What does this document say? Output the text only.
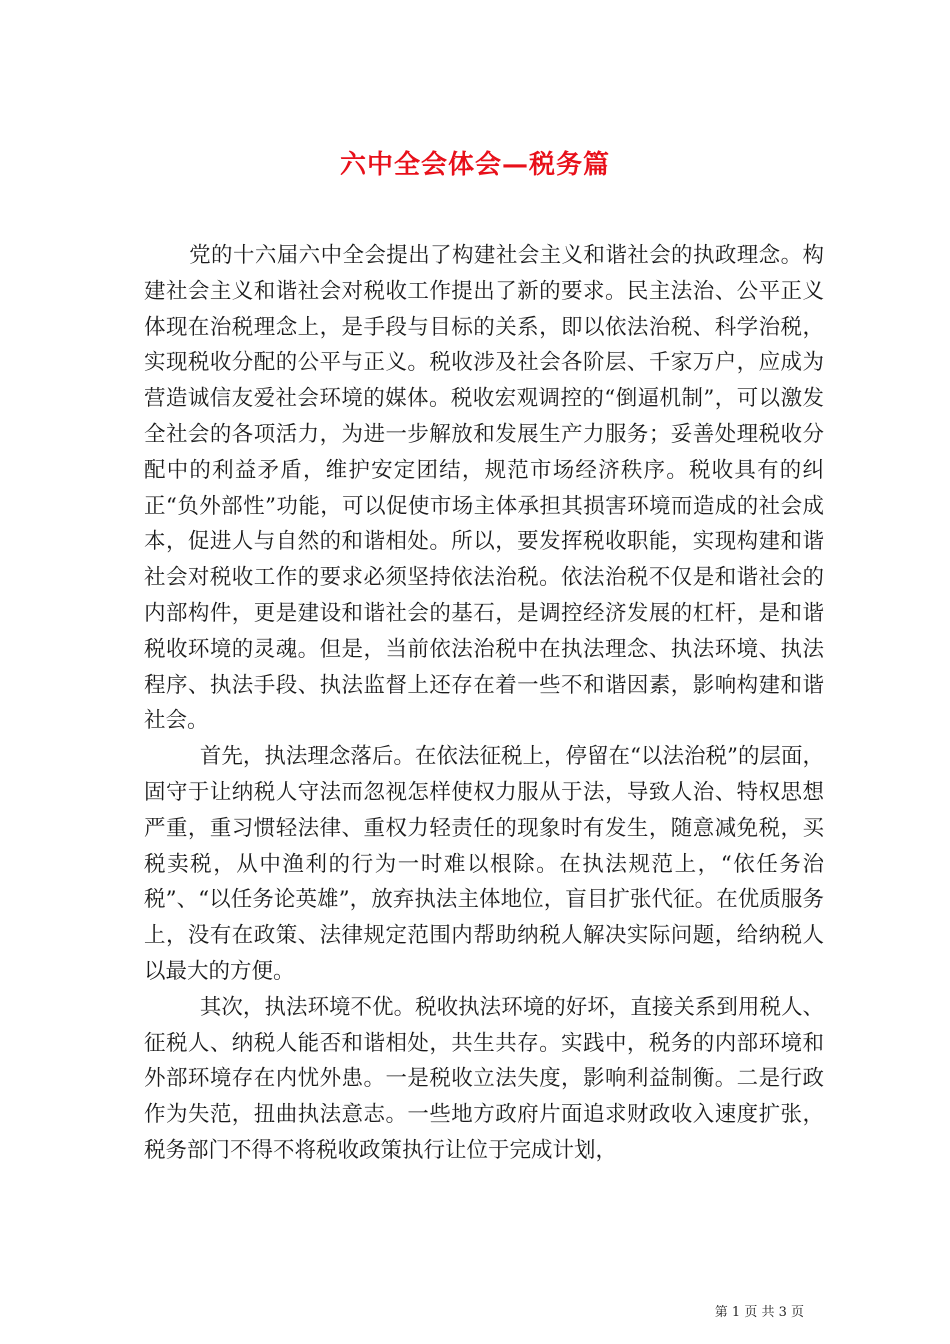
六中全会体会—税务篇

党的十六届六中全会提出了构建社会主义和谐社会的执政理念。构建社会主义和谐社会对税收工作提出了新的要求。民主法治、公平正义体现在治税理念上，是手段与目标的关系，即以依法治税、科学治税，实现税收分配的公平与正义。税收涉及社会各阶层、千家万户，应成为营造诚信友爱社会环境的媒体。税收宏观调控的“倒逼机制”，可以激发全社会的各项活力，为进一步解放和发展生产力服务；妥善处理税收分配中的利益矛盾，维护安定团结，规范市场经济秩序。税收具有的纠正“负外部性”功能，可以促使市场主体承担其损害环境而造成的社会成本，促进人与自然的和谐相处。所以，要发挥税收职能，实现构建和谐社会对税收工作的要求必须坚持依法治税。依法治税不仅是和谐社会的内部构件，更是建设和谐社会的基石，是调控经济发展的杠杆，是和谐税收环境的灵魂。但是，当前依法治税中在执法理念、执法环境、执法程序、执法手段、执法监督上还存在着一些不和谐因素，影响构建和谐社会。

首先，执法理念落后。在依法征税上，停留在“以法治税”的层面，固守于让纳税人守法而忽视怎样使权力服从于法，导致人治、特权思想严重，重习惯轻法律、重权力轻责任的现象时有发生，随意减免税，买税卖税，从中渔利的行为一时难以根除。在执法规范上，“依任务治税”、“以任务论英雄”，放弃执法主体地位，盲目扩张代征。在优质服务上，没有在政策、法律规定范围内帮助纳税人解决实际问题，给纳税人以最大的方便。

其次，执法环境不优。税收执法环境的好坏，直接关系到用税人、征税人、纳税人能否和谐相处，共生共存。实践中，税务的内部环境和外部环境存在内忧外患。一是税收立法失度，影响利益制衡。二是行政作为失范，扭曲执法意志。一些地方政府片面追求财政收入速度扩张，税务部门不得不将税收政策执行让位于完成计划，

第 1 页 共 3 页
